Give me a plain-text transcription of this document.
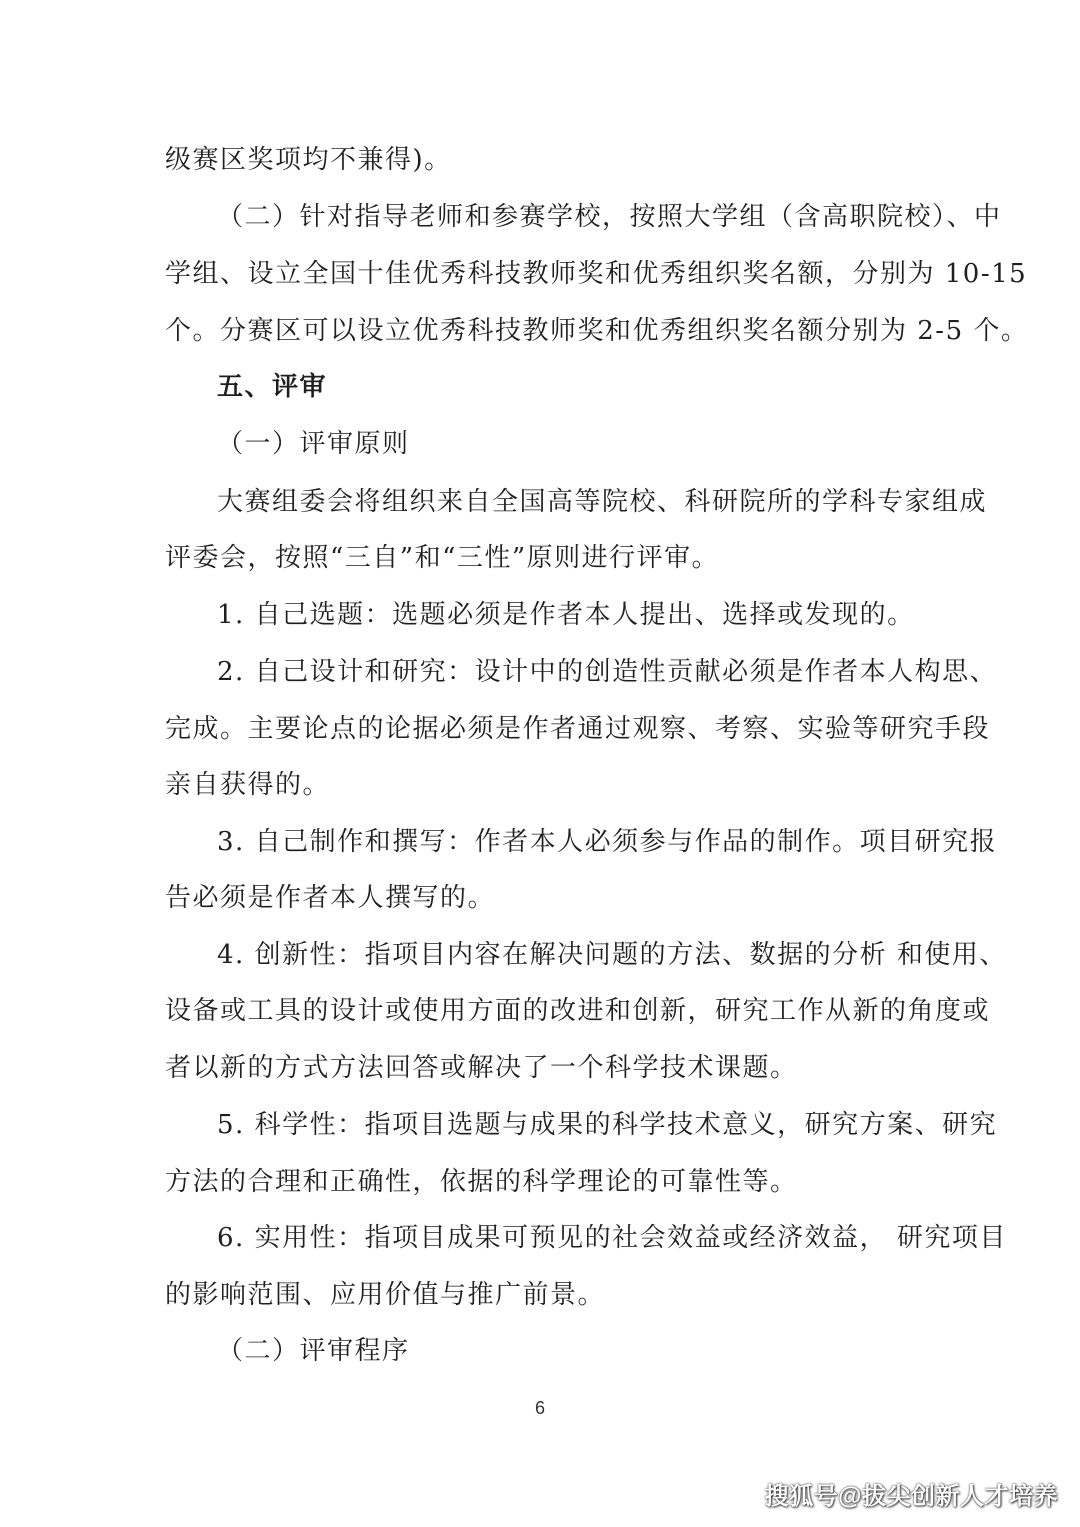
级赛区奖项均不兼得)。
（二）针对指导老师和参赛学校，按照大学组（含高职院校）、中
学组、设立全国十佳优秀科技教师奖和优秀组织奖名额，分别为 10-15
个。分赛区可以设立优秀科技教师奖和优秀组织奖名额分别为 2-5 个。
五、评审
（一）评审原则
大赛组委会将组织来自全国高等院校、科研院所的学科专家组成
评委会，按照“三自”和“三性”原则进行评审。
1. 自己选题：选题必须是作者本人提出、选择或发现的。
2. 自己设计和研究：设计中的创造性贡献必须是作者本人构思、
完成。主要论点的论据必须是作者通过观察、考察、实验等研究手段
亲自获得的。
3. 自己制作和撰写：作者本人必须参与作品的制作。项目研究报
告必须是作者本人撰写的。
4. 创新性：指项目内容在解决问题的方法、数据的分析 和使用、
设备或工具的设计或使用方面的改进和创新，研究工作从新的角度或
者以新的方式方法回答或解决了一个科学技术课题。
5. 科学性：指项目选题与成果的科学技术意义，研究方案、研究
方法的合理和正确性，依据的科学理论的可靠性等。
6. 实用性：指项目成果可预见的社会效益或经济效益， 研究项目
的影响范围、应用价值与推广前景。
（二）评审程序
6
搜狐号@拔尖创新人才培养
